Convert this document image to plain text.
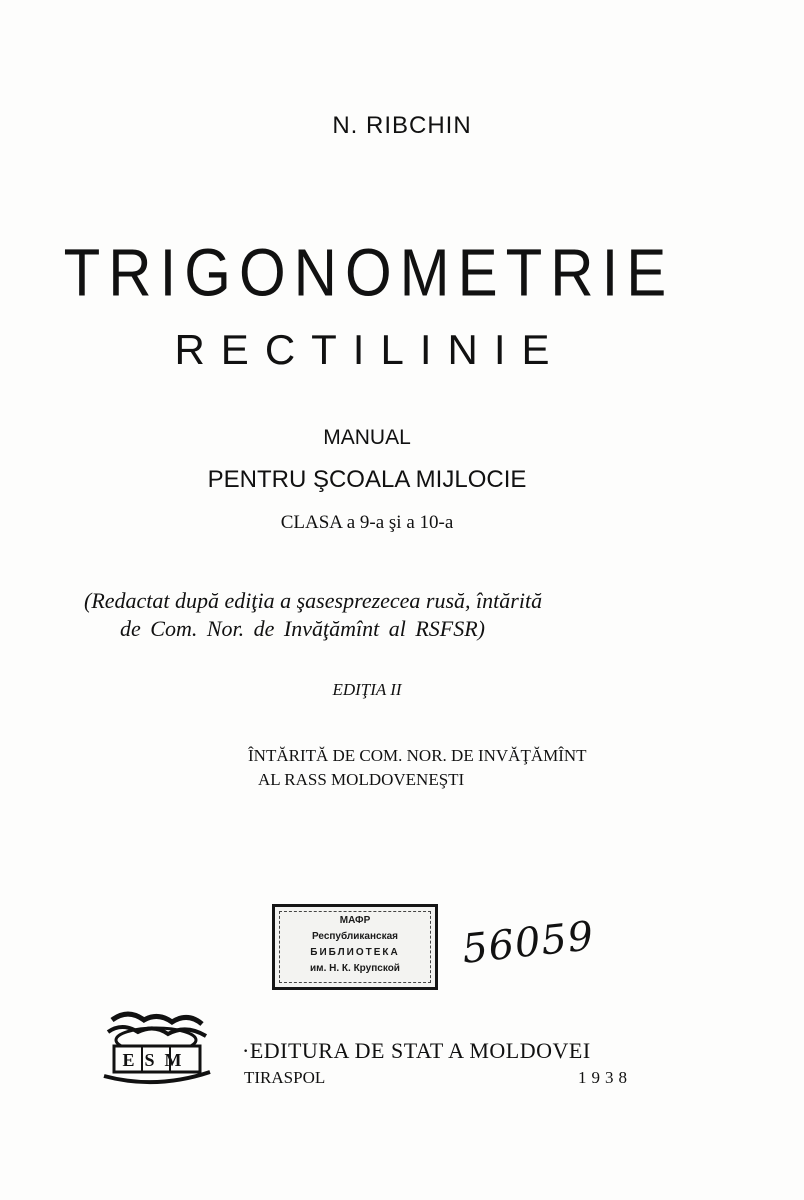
N. RIBCHIN
TRIGONOMETRIE
RECTILINIE
MANUAL
PENTRU ŞCOALA MIJLOCIE
CLASA a 9-a şi a 10-a
(Redactat după ediţia a şasesprezecea rusă, întărită
de Com. Nor. de Invăţămînt al RSFSR)
EDIŢIA II
ÎNTĂRITĂ DE COM. NOR. DE INVĂŢĂMÎNT
AL RASS MOLDOVENEŞTI
МАФР
Республиканская
БИБЛИОТЕКА
им. Н. К. Крупской	56059
ESM ·EDITURA DE STAT A MOLDOVEI
TIRASPOL	1938
